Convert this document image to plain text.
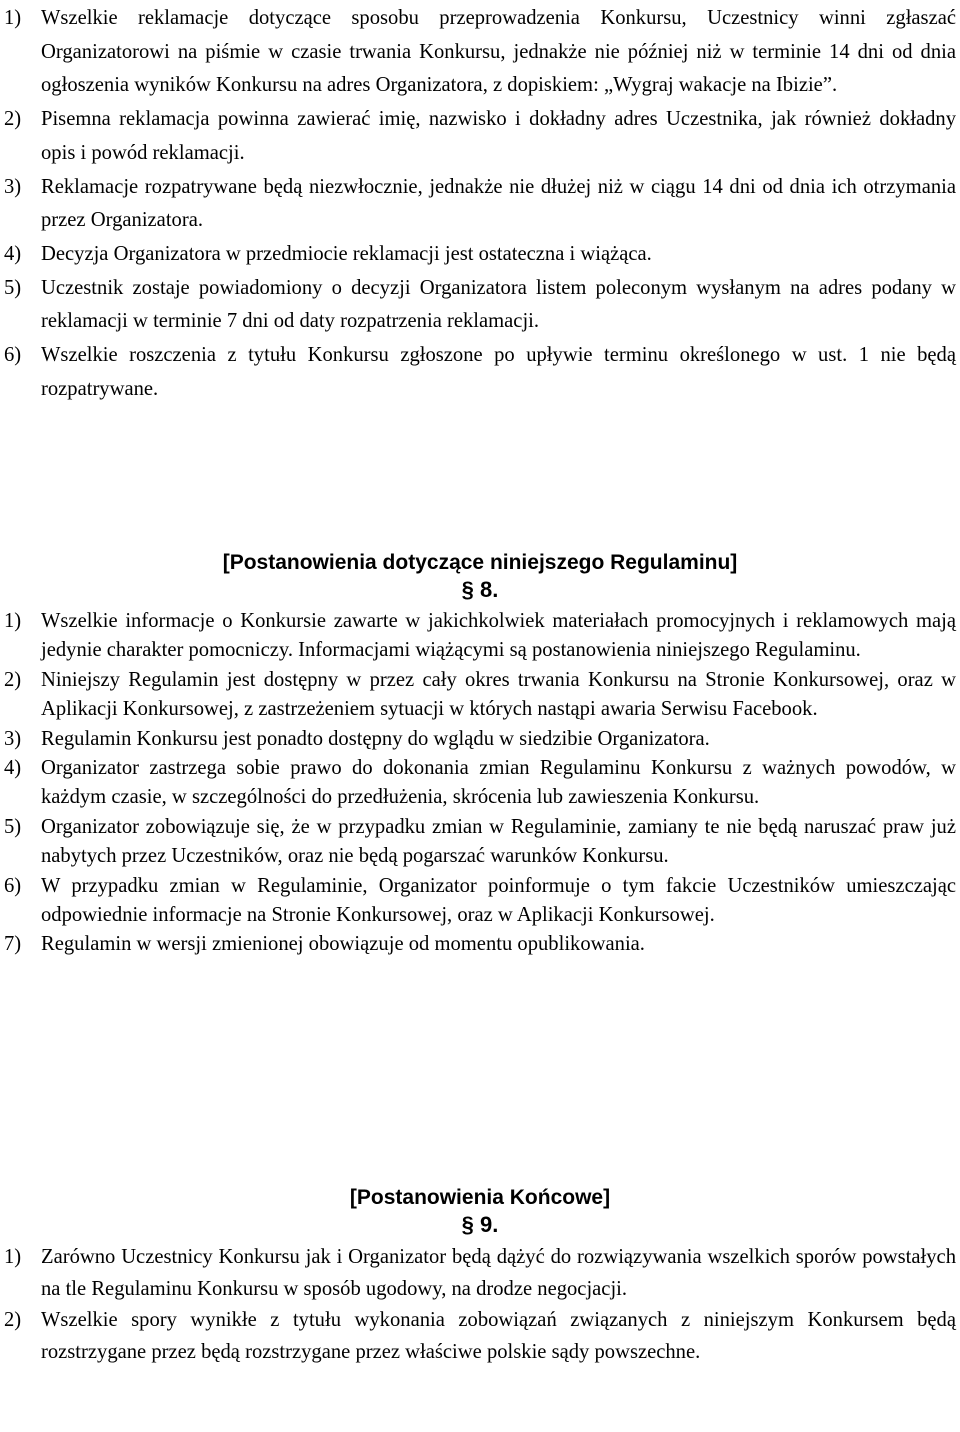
1) Wszelkie reklamacje dotyczące sposobu przeprowadzenia Konkursu, Uczestnicy winni zgłaszać Organizatorowi na piśmie w czasie trwania Konkursu, jednakże nie później niż w terminie 14 dni od dnia ogłoszenia wyników Konkursu na adres Organizatora, z dopiskiem: „Wygraj wakacje na Ibizie”.
2) Pisemna reklamacja powinna zawierać imię, nazwisko i dokładny adres Uczestnika, jak również dokładny opis i powód reklamacji.
3) Reklamacje rozpatrywane będą niezwłocznie, jednakże nie dłużej niż w ciągu 14 dni od dnia ich otrzymania przez Organizatora.
4) Decyzja Organizatora w przedmiocie reklamacji jest ostateczna i wiążąca.
5) Uczestnik zostaje powiadomiony o decyzji Organizatora listem poleconym wysłanym na adres podany w reklamacji w terminie 7 dni od daty rozpatrzenia reklamacji.
6) Wszelkie roszczenia z tytułu Konkursu zgłoszone po upływie terminu określonego w ust. 1 nie będą rozpatrywane.
[Postanowienia dotyczące niniejszego Regulaminu]
§ 8.
1) Wszelkie informacje o Konkursie zawarte w jakichkolwiek materiałach promocyjnych i reklamowych mają jedynie charakter pomocniczy. Informacjami wiążącymi są postanowienia niniejszego Regulaminu.
2) Niniejszy Regulamin jest dostępny w przez cały okres trwania Konkursu na Stronie Konkursowej, oraz w Aplikacji Konkursowej, z zastrzeżeniem sytuacji w których nastąpi awaria Serwisu Facebook.
3) Regulamin Konkursu jest ponadto dostępny do wglądu w siedzibie Organizatora.
4) Organizator zastrzega sobie prawo do dokonania zmian Regulaminu Konkursu z ważnych powodów, w każdym czasie, w szczególności do przedłużenia, skrócenia lub zawieszenia Konkursu.
5) Organizator zobowiązuje się, że w przypadku zmian w Regulaminie, zamiany te nie będą naruszać praw już nabytych przez Uczestników, oraz nie będą pogarszać warunków Konkursu.
6) W przypadku zmian w Regulaminie, Organizator poinformuje o tym fakcie Uczestników umieszczając odpowiednie informacje na Stronie Konkursowej, oraz w Aplikacji Konkursowej.
7) Regulamin w wersji zmienionej obowiązuje od momentu opublikowania.
[Postanowienia Końcowe]
§ 9.
1) Zarówno Uczestnicy Konkursu jak i Organizator będą dążyć do rozwiązywania wszelkich sporów powstałych na tle Regulaminu Konkursu w sposób ugodowy, na drodze negocjacji.
2) Wszelkie spory wynikłe z tytułu wykonania zobowiązań związanych z niniejszym Konkursem będą rozstrzygane przez będą rozstrzygane przez właściwe polskie sądy powszechne.
